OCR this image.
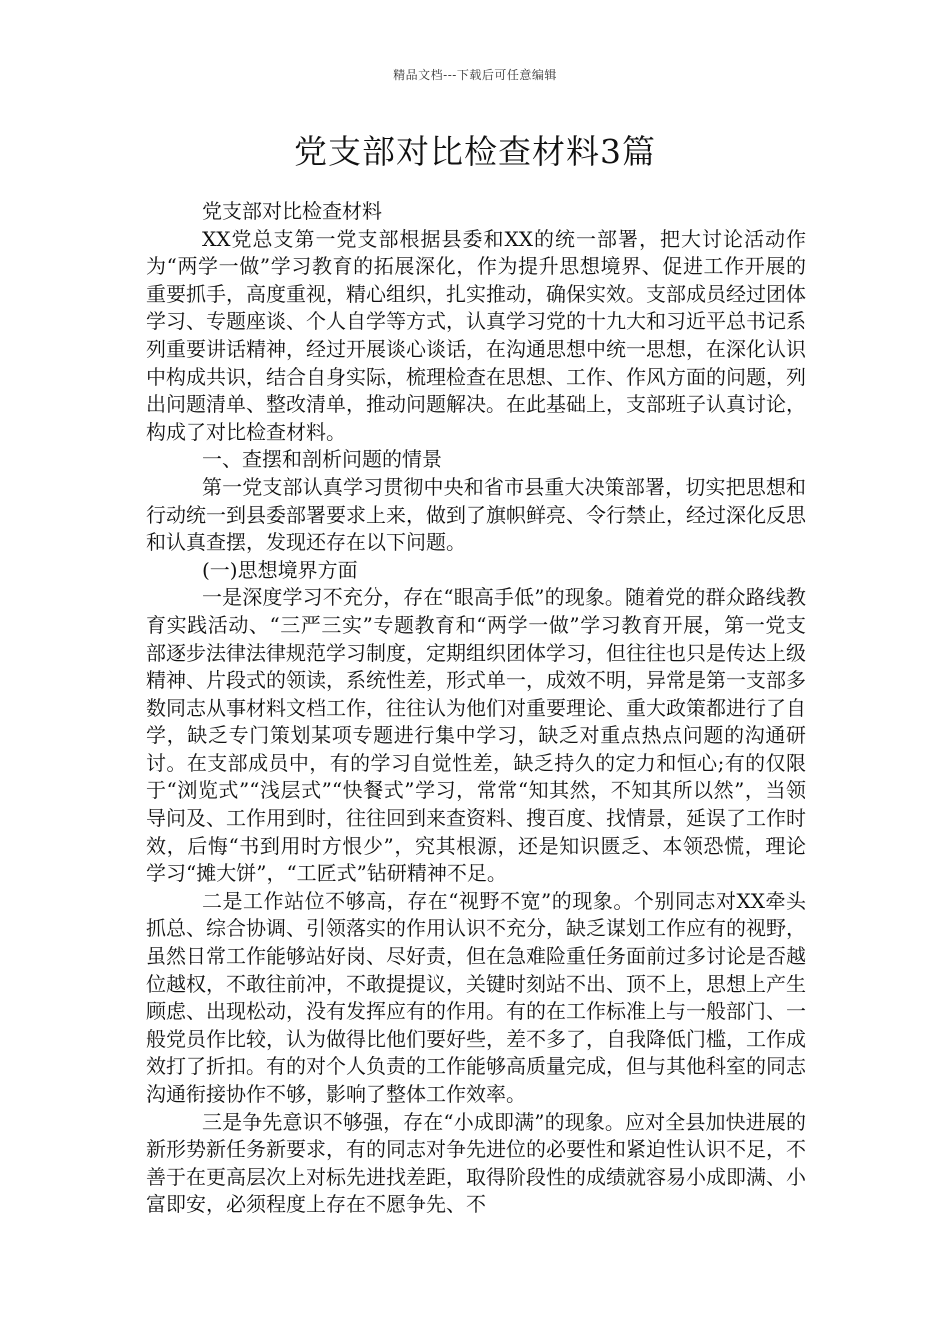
精品文档---下载后可任意编辑
党支部对比检查材料3篇

党支部对比检查材料

XX党总支第一党支部根据县委和XX的统一部署，把大讨论活动作为“两学一做”学习教育的拓展深化，作为提升思想境界、促进工作开展的重要抓手，高度重视，精心组织，扎实推动，确保实效。支部成员经过团体学习、专题座谈、个人自学等方式，认真学习党的十九大和习近平总书记系列重要讲话精神，经过开展谈心谈话，在沟通思想中统一思想，在深化认识中构成共识，结合自身实际，梳理检查在思想、工作、作风方面的问题，列出问题清单、整改清单，推动问题解决。在此基础上，支部班子认真讨论，构成了对比检查材料。

一、查摆和剖析问题的情景

第一党支部认真学习贯彻中央和省市县重大决策部署，切实把思想和行动统一到县委部署要求上来，做到了旗帜鲜亮、令行禁止，经过深化反思和认真查摆，发现还存在以下问题。

(一)思想境界方面

一是深度学习不充分，存在“眼高手低”的现象。随着党的群众路线教育实践活动、“三严三实”专题教育和“两学一做”学习教育开展，第一党支部逐步法律法律规范学习制度，定期组织团体学习，但往往也只是传达上级精神、片段式的领读，系统性差，形式单一，成效不明，异常是第一支部多数同志从事材料文档工作，往往认为他们对重要理论、重大政策都进行了自学，缺乏专门策划某项专题进行集中学习，缺乏对重点热点问题的沟通研讨。在支部成员中，有的学习自觉性差，缺乏持久的定力和恒心;有的仅限于“浏览式”“浅层式”“快餐式”学习，常常“知其然，不知其所以然”，当领导问及、工作用到时，往往回到来查资料、搜百度、找情景，延误了工作时效，后悔“书到用时方恨少”，究其根源，还是知识匮乏、本领恐慌，理论学习“摊大饼”，“工匠式”钻研精神不足。

二是工作站位不够高，存在“视野不宽”的现象。个别同志对XX牵头抓总、综合协调、引领落实的作用认识不充分，缺乏谋划工作应有的视野，虽然日常工作能够站好岗、尽好责，但在急难险重任务面前过多讨论是否越位越权，不敢往前冲，不敢提提议，关键时刻站不出、顶不上，思想上产生顾虑、出现松动，没有发挥应有的作用。有的在工作标准上与一般部门、一般党员作比较，认为做得比他们要好些，差不多了，自我降低门槛，工作成效打了折扣。有的对个人负责的工作能够高质量完成，但与其他科室的同志沟通衔接协作不够，影响了整体工作效率。

三是争先意识不够强，存在“小成即满”的现象。应对全县加快进展的新形势新任务新要求，有的同志对争先进位的必要性和紧迫性认识不足，不善于在更高层次上对标先进找差距，取得阶段性的成绩就容易小成即满、小富即安，必须程度上存在不愿争先、不
